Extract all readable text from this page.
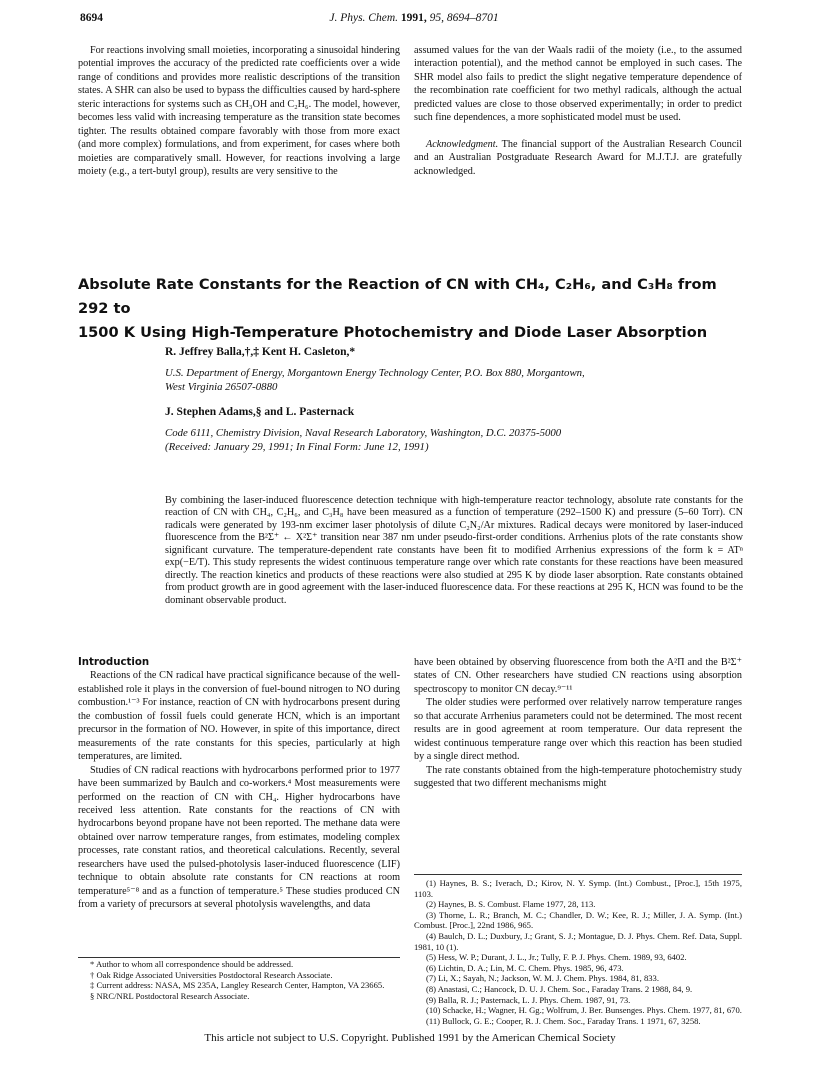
8694	J. Phys. Chem. 1991, 95, 8694–8701

For reactions involving small moieties, incorporating a sinusoidal hindering potential improves the accuracy of the predicted rate coefficients over a wide range of conditions and provides more realistic descriptions of the transition states. A SHR can also be used to bypass the difficulties caused by hard-sphere steric interactions for systems such as CH₃OH and C₂H₆. The model, however, becomes less valid with increasing temperature as the transition state becomes tighter. The results obtained compare favorably with those from more exact (and more complex) formulations, and from experiment, for cases where both moieties are comparatively small. However, for reactions involving a large moiety (e.g., a tert-butyl group), results are very sensitive to the

assumed values for the van der Waals radii of the moiety (i.e., to the assumed interaction potential), and the method cannot be employed in such cases. The SHR model also fails to predict the slight negative temperature dependence of the recombination rate coefficient for two methyl radicals, although the actual predicted values are close to those observed experimentally; in order to predict such fine dependences, a more sophisticated model must be used.

Acknowledgment. The financial support of the Australian Research Council and an Australian Postgraduate Research Award for M.J.T.J. are gratefully acknowledged.

Absolute Rate Constants for the Reaction of CN with CH₄, C₂H₆, and C₃H₈ from 292 to
1500 K Using High-Temperature Photochemistry and Diode Laser Absorption
R. Jeffrey Balla,†,‡ Kent H. Casleton,*
U.S. Department of Energy, Morgantown Energy Technology Center, P.O. Box 880, Morgantown,
West Virginia 26507-0880
J. Stephen Adams,§ and L. Pasternack
Code 6111, Chemistry Division, Naval Research Laboratory, Washington, D.C. 20375-5000
(Received: January 29, 1991; In Final Form: June 12, 1991)

By combining the laser-induced fluorescence detection technique with high-temperature reactor technology, absolute rate constants for the reaction of CN with CH₄, C₂H₆, and C₃H₈ have been measured as a function of temperature (292–1500 K) and pressure (5–60 Torr). CN radicals were generated by 193-nm excimer laser photolysis of dilute C₂N₂/Ar mixtures. Radical decays were monitored by laser-induced fluorescence from the B²Σ⁺ ← X²Σ⁺ transition near 387 nm under pseudo-first-order conditions. Arrhenius plots of the rate constants show significant curvature. The temperature-dependent rate constants have been fit to modified Arrhenius expressions of the form k = ATⁿ exp(−E/T). This study represents the widest continuous temperature range over which rate constants for these reactions have been measured directly. The reaction kinetics and products of these reactions were also studied at 295 K by diode laser absorption. Rate constants obtained from product growth are in good agreement with the laser-induced fluorescence data. For these reactions at 295 K, HCN was found to be the dominant observable product.

Introduction

Reactions of the CN radical have practical significance because of the well-established role it plays in the conversion of fuel-bound nitrogen to NO during combustion.¹⁻³ For instance, reaction of CN with hydrocarbons present during the combustion of fossil fuels could generate HCN, which is an important precursor in the formation of NO. However, in spite of this importance, direct measurements of the rate constants for this species, particularly at high temperatures, are limited.

Studies of CN radical reactions with hydrocarbons performed prior to 1977 have been summarized by Baulch and co-workers.⁴ Most measurements were performed on the reaction of CN with CH₄. Higher hydrocarbons have received less attention. Rate constants for the reactions of CN with hydrocarbons beyond propane have not been reported. The methane data were obtained over narrow temperature ranges, from estimates, modeling complex processes, rate constant ratios, and theoretical calculations. Recently, several researchers have used the pulsed-photolysis laser-induced fluorescence (LIF) technique to obtain absolute rate constants for CN reactions at room temperature⁵⁻⁸ and as a function of temperature.⁵ These studies produced CN from a variety of precursors at several photolysis wavelengths, and data

have been obtained by observing fluorescence from both the A²Π and the B²Σ⁺ states of CN. Other researchers have studied CN reactions using absorption spectroscopy to monitor CN decay.⁹⁻¹¹

The older studies were performed over relatively narrow temperature ranges so that accurate Arrhenius parameters could not be determined. The most recent results are in good agreement at room temperature. Our data represent the widest continuous temperature range over which this reaction has been studied by a single direct method.

The rate constants obtained from the high-temperature photochemistry study suggested that two different mechanisms might

* Author to whom all correspondence should be addressed.

† Oak Ridge Associated Universities Postdoctoral Research Associate.

‡ Current address: NASA, MS 235A, Langley Research Center, Hampton, VA 23665.

§ NRC/NRL Postdoctoral Research Associate.

(1) Haynes, B. S.; Iverach, D.; Kirov, N. Y. Symp. (Int.) Combust., [Proc.], 15th 1975, 1103.

(2) Haynes, B. S. Combust. Flame 1977, 28, 113.

(3) Thorne, L. R.; Branch, M. C.; Chandler, D. W.; Kee, R. J.; Miller, J. A. Symp. (Int.) Combust. [Proc.], 22nd 1986, 965.

(4) Baulch, D. L.; Duxbury, J.; Grant, S. J.; Montague, D. J. Phys. Chem. Ref. Data, Suppl. 1981, 10 (1).

(5) Hess, W. P.; Durant, J. L., Jr.; Tully, F. P. J. Phys. Chem. 1989, 93, 6402.

(6) Lichtin, D. A.; Lin, M. C. Chem. Phys. 1985, 96, 473.

(7) Li, X.; Sayah, N.; Jackson, W. M. J. Chem. Phys. 1984, 81, 833.

(8) Anastasi, C.; Hancock, D. U. J. Chem. Soc., Faraday Trans. 2 1988, 84, 9.

(9) Balla, R. J.; Pasternack, L. J. Phys. Chem. 1987, 91, 73.

(10) Schacke, H.; Wagner, H. Gg.; Wolfrum, J. Ber. Bunsenges. Phys. Chem. 1977, 81, 670.

(11) Bullock, G. E.; Cooper, R. J. Chem. Soc., Faraday Trans. 1 1971, 67, 3258.

This article not subject to U.S. Copyright. Published 1991 by the American Chemical Society
